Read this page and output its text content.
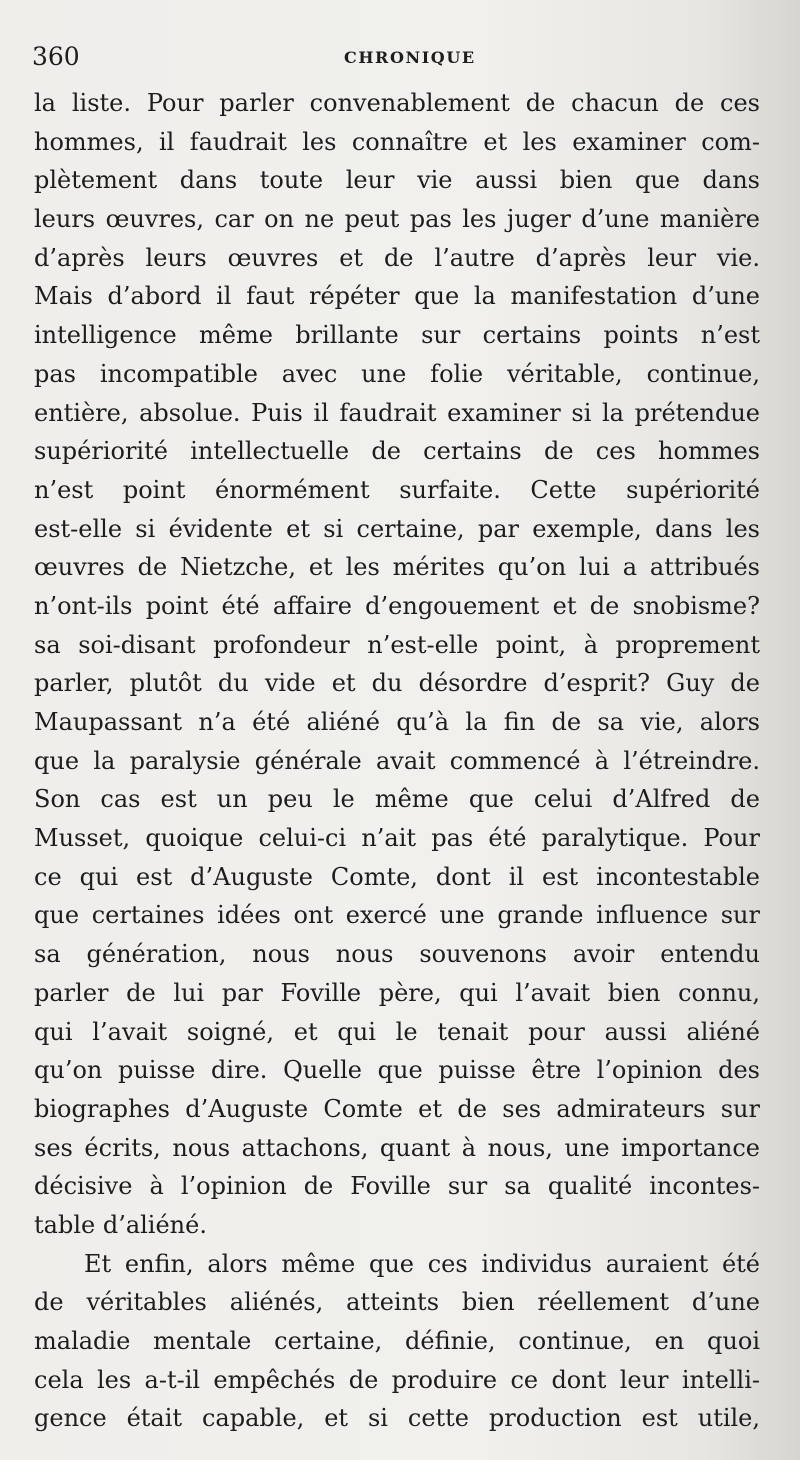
360	CHRONIQUE
la liste. Pour parler convenablement de chacun de ces
hommes, il faudrait les connaître et les examiner com-
plètement dans toute leur vie aussi bien que dans
leurs œuvres, car on ne peut pas les juger d’une manière
d’après leurs œuvres et de l’autre d’après leur vie.
Mais d’abord il faut répéter que la manifestation d’une
intelligence même brillante sur certains points n’est
pas incompatible avec une folie véritable, continue,
entière, absolue. Puis il faudrait examiner si la prétendue
supériorité intellectuelle de certains de ces hommes
n’est point énormément surfaite. Cette supériorité
est-elle si évidente et si certaine, par exemple, dans les
œuvres de Nietzche, et les mérites qu’on lui a attribués
n’ont-ils point été affaire d’engouement et de snobisme?
sa soi-disant profondeur n’est-elle point, à proprement
parler, plutôt du vide et du désordre d’esprit? Guy de
Maupassant n’a été aliéné qu’à la fin de sa vie, alors
que la paralysie générale avait commencé à l’étreindre.
Son cas est un peu le même que celui d’Alfred de
Musset, quoique celui-ci n’ait pas été paralytique. Pour
ce qui est d’Auguste Comte, dont il est incontestable
que certaines idées ont exercé une grande influence sur
sa génération, nous nous souvenons avoir entendu
parler de lui par Foville père, qui l’avait bien connu,
qui l’avait soigné, et qui le tenait pour aussi aliéné
qu’on puisse dire. Quelle que puisse être l’opinion des
biographes d’Auguste Comte et de ses admirateurs sur
ses écrits, nous attachons, quant à nous, une importance
décisive à l’opinion de Foville sur sa qualité incontes-
table d’aliéné.
Et enfin, alors même que ces individus auraient été
de véritables aliénés, atteints bien réellement d’une
maladie mentale certaine, définie, continue, en quoi
cela les a-t-il empêchés de produire ce dont leur intelli-
gence était capable, et si cette production est utile,
